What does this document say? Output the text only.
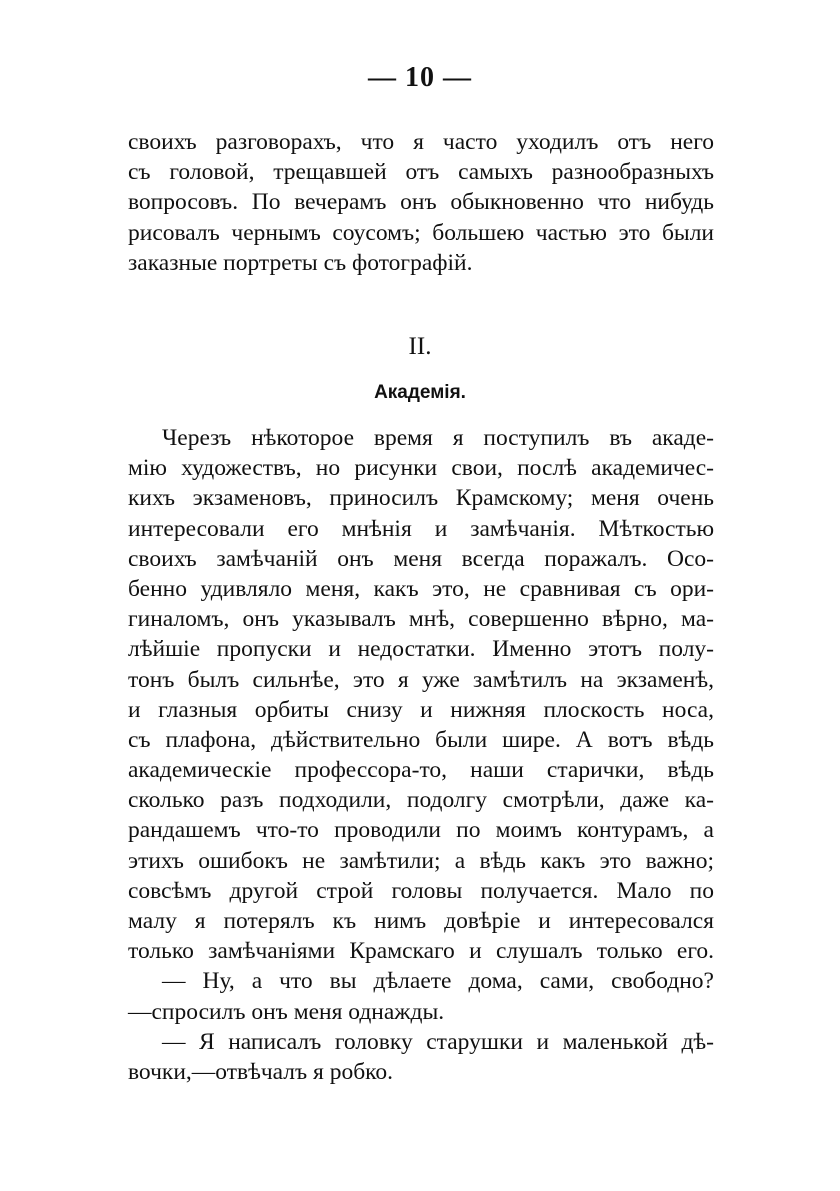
— 10 —
своихъ разговорахъ, что я часто уходилъ отъ него
съ головой, трещавшей отъ самыхъ разнообразныхъ
вопросовъ. По вечерамъ онъ обыкновенно что нибудь
рисовалъ чернымъ соусомъ; большею частью это были
заказные портреты съ фотографій.
II.
Академія.
Черезъ нѣкоторое время я поступилъ въ акаде-
мію художествъ, но рисунки свои, послѣ академичес-
кихъ экзаменовъ, приносилъ Крамскому; меня очень
интересовали его мнѣнія и замѣчанія. Мѣткостью
своихъ замѣчаній онъ меня всегда поражалъ. Осо-
бенно удивляло меня, какъ это, не сравнивая съ ори-
гиналомъ, онъ указывалъ мнѣ, совершенно вѣрно, ма-
лѣйшіе пропуски и недостатки. Именно этотъ полу-
тонъ былъ сильнѣе, это я уже замѣтилъ на экзаменѣ,
и глазныя орбиты снизу и нижняя плоскость носа,
съ плафона, дѣйствительно были шире. А вотъ вѣдь
академическіе профессора-то, наши старички, вѣдь
сколько разъ подходили, подолгу смотрѣли, даже ка-
рандашемъ что-то проводили по моимъ контурамъ, а
этихъ ошибокъ не замѣтили; а вѣдь какъ это важно;
совсѣмъ другой строй головы получается. Мало по
малу я потерялъ къ нимъ довѣріе и интересовался
только замѣчаніями Крамскаго и слушалъ только его.
— Ну, а что вы дѣлаете дома, сами, свободно?
—спросилъ онъ меня однажды.
— Я написалъ головку старушки и маленькой дѣ-
вочки,—отвѣчалъ я робко.
